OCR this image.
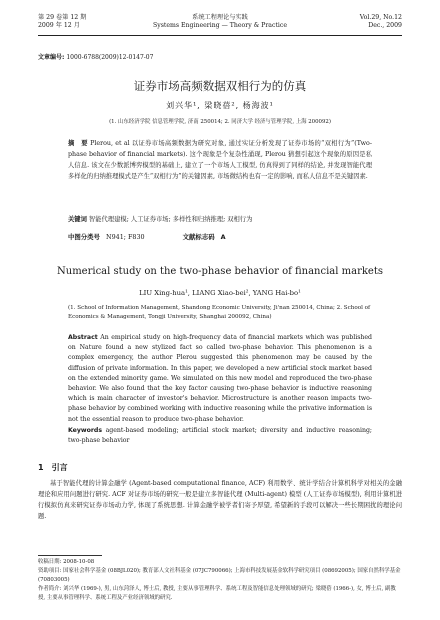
第 29 卷第 12 期
2009 年 12 月
系统工程理论与实践
Systems Engineering — Theory & Practice
Vol.29, No.12
Dec., 2009
文章编号: 1000-6788(2009)12-0147-07
证券市场高频数据双相行为的仿真
刘兴华¹, 梁晓蓓², 杨海波¹
(1. 山东经济学院 信息管理学院, 济南 250014; 2. 同济大学 经济与管理学院, 上海 200092)
摘　要 Plerou, et al 以证券市场高频数据为研究对象, 通过实证分析发现了证券市场的“双相行为”(Two-phase behavior of financial markets). 这个现象是个复杂性涌现, Plerou 猜想引起这个现象的原因是私人信息. 该文在少数派博弈模型的基础上, 建立了一个市场人工模型, 仿真得到了同样的结论, 并发现智能代理多样化的归纳推理模式是产生“双相行为”的关键因素, 市场微结构也有一定的影响, 而私人信息不是关键因素.
关键词 智能代理建模; 人工证券市场; 多样性和归纳推理; 双相行为
中图分类号 N941; F830	文献标志码 A
Numerical study on the two-phase behavior of financial markets
LIU Xing-hua¹, LIANG Xiao-bei², YANG Hai-bo¹
(1. School of Information Management, Shandong Economic University, Ji'nan 250014, China; 2. School of Economics & Management, Tongji University, Shanghai 200092, China)
Abstract An empirical study on high-frequency data of financial markets which was published on Nature found a new stylized fact so called two-phase behavior. This phenomenon is a complex emergency, the author Plerou suggested this phenomenon may be caused by the diffusion of private information. In this paper, we developed a new artificial stock market based on the extended minority game. We simulated on this new model and reproduced the two-phase behavior. We also found that the key factor causing two-phase behavior is inductive reasoning which is main character of investor's behavior. Microstructure is another reason impacts two-phase behavior by combined working with inductive reasoning while the privative information is not the essential reason to produce two-phase behavior.
Keywords agent-based modeling; artificial stock market; diversity and inductive reasoning; two-phase behavior
1　引言
基于智能代理的计算金融学 (Agent-based computational finance, ACF) 利用数学、统计学结合计算机科学对相关的金融理论和应用问题进行研究. ACF 对证券市场的研究一般是建立多智能代理 (Multi-agent) 模型 (人工证券市场模型), 利用计算机进行模拟仿真来研究证券市场动力学, 体现了系统思想. 计算金融学被学者们寄予厚望, 希望新的手段可以解决一些长期困扰的理论问题.

收稿日期: 2008-10-08

资助项目: 国家社会科学基金 (08BJL020); 教育部人文社科基金 (07JC790066); 上海市科技发展基金软科学研究项目 (08692005); 国家自然科学基金 (70803005)

作者简介: 刘兴华 (1969-), 男, 山东菏泽人, 博士后, 教授, 主要从事管理科学、系统工程及智能信息处理领域的研究; 梁晓蓓 (1966-), 女, 博士后, 副教授, 主要从事管理科学、系统工程及产业经济领域的研究.
